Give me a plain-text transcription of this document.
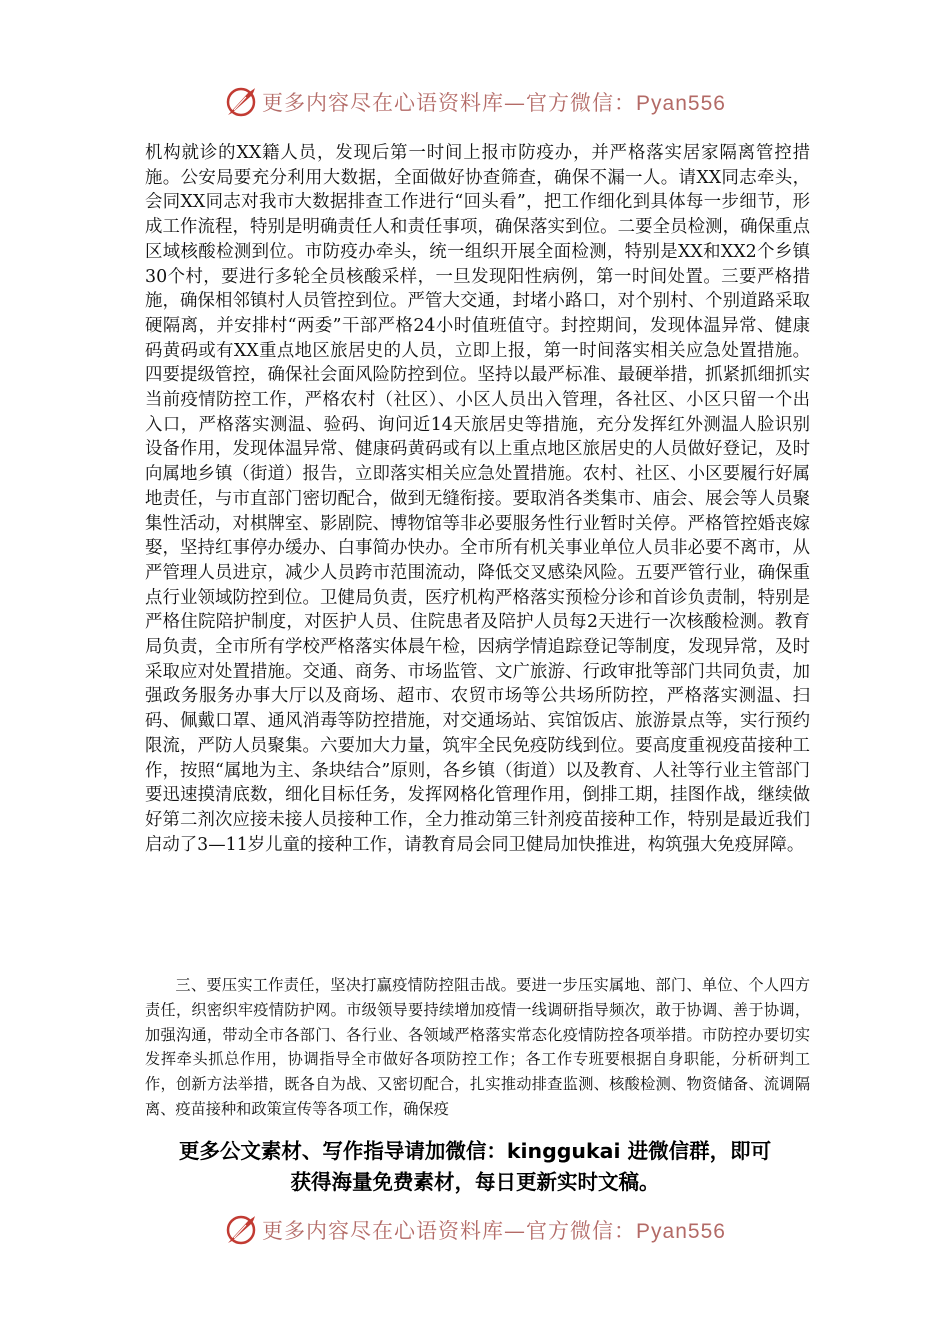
更多内容尽在心语资料库—官方微信：Pyan556

机构就诊的XX籍人员，发现后第一时间上报市防疫办，并严格落实居家隔离管控措施。公安局要充分利用大数据，全面做好协查筛查，确保不漏一人。请XX同志牵头，会同XX同志对我市大数据排查工作进行“回头看”，把工作细化到具体每一步细节，形成工作流程，特别是明确责任人和责任事项，确保落实到位。二要全员检测，确保重点区域核酸检测到位。市防疫办牵头，统一组织开展全面检测，特别是XX和XX2个乡镇30个村，要进行多轮全员核酸采样，一旦发现阳性病例，第一时间处置。三要严格措施，确保相邻镇村人员管控到位。严管大交通，封堵小路口，对个别村、个别道路采取硬隔离，并安排村“两委”干部严格24小时值班值守。封控期间，发现体温异常、健康码黄码或有XX重点地区旅居史的人员，立即上报，第一时间落实相关应急处置措施。四要提级管控，确保社会面风险防控到位。坚持以最严标准、最硬举措，抓紧抓细抓实当前疫情防控工作，严格农村（社区）、小区人员出入管理，各社区、小区只留一个出入口，严格落实测温、验码、询问近14天旅居史等措施，充分发挥红外测温人脸识别设备作用，发现体温异常、健康码黄码或有以上重点地区旅居史的人员做好登记，及时向属地乡镇（街道）报告，立即落实相关应急处置措施。农村、社区、小区要履行好属地责任，与市直部门密切配合，做到无缝衔接。要取消各类集市、庙会、展会等人员聚集性活动，对棋牌室、影剧院、博物馆等非必要服务性行业暂时关停。严格管控婚丧嫁娶，坚持红事停办缓办、白事简办快办。全市所有机关事业单位人员非必要不离市，从严管理人员进京，减少人员跨市范围流动，降低交叉感染风险。五要严管行业，确保重点行业领域防控到位。卫健局负责，医疗机构严格落实预检分诊和首诊负责制，特别是严格住院陪护制度，对医护人员、住院患者及陪护人员每2天进行一次核酸检测。教育局负责，全市所有学校严格落实体晨午检，因病学情追踪登记等制度，发现异常，及时采取应对处置措施。交通、商务、市场监管、文广旅游、行政审批等部门共同负责，加强政务服务办事大厅以及商场、超市、农贸市场等公共场所防控，严格落实测温、扫码、佩戴口罩、通风消毒等防控措施，对交通场站、宾馆饭店、旅游景点等，实行预约限流，严防人员聚集。六要加大力量，筑牢全民免疫防线到位。要高度重视疫苗接种工作，按照“属地为主、条块结合”原则，各乡镇（街道）以及教育、人社等行业主管部门要迅速摸清底数，细化目标任务，发挥网格化管理作用，倒排工期，挂图作战，继续做好第二剂次应接未接人员接种工作，全力推动第三针剂疫苗接种工作，特别是最近我们启动了3—11岁儿童的接种工作，请教育局会同卫健局加快推进，构筑强大免疫屏障。

三、要压实工作责任，坚决打赢疫情防控阻击战。要进一步压实属地、部门、单位、个人四方责任，织密织牢疫情防护网。市级领导要持续增加疫情一线调研指导频次，敢于协调、善于协调，加强沟通，带动全市各部门、各行业、各领域严格落实常态化疫情防控各项举措。市防控办要切实发挥牵头抓总作用，协调指导全市做好各项防控工作；各工作专班要根据自身职能，分析研判工作，创新方法举措，既各自为战、又密切配合，扎实推动排查监测、核酸检测、物资储备、流调隔离、疫苗接种和政策宣传等各项工作，确保疫

更多公文素材、写作指导请加微信：kinggukai 进微信群，即可
获得海量免费素材，每日更新实时文稿。
更多内容尽在心语资料库—官方微信：Pyan556
